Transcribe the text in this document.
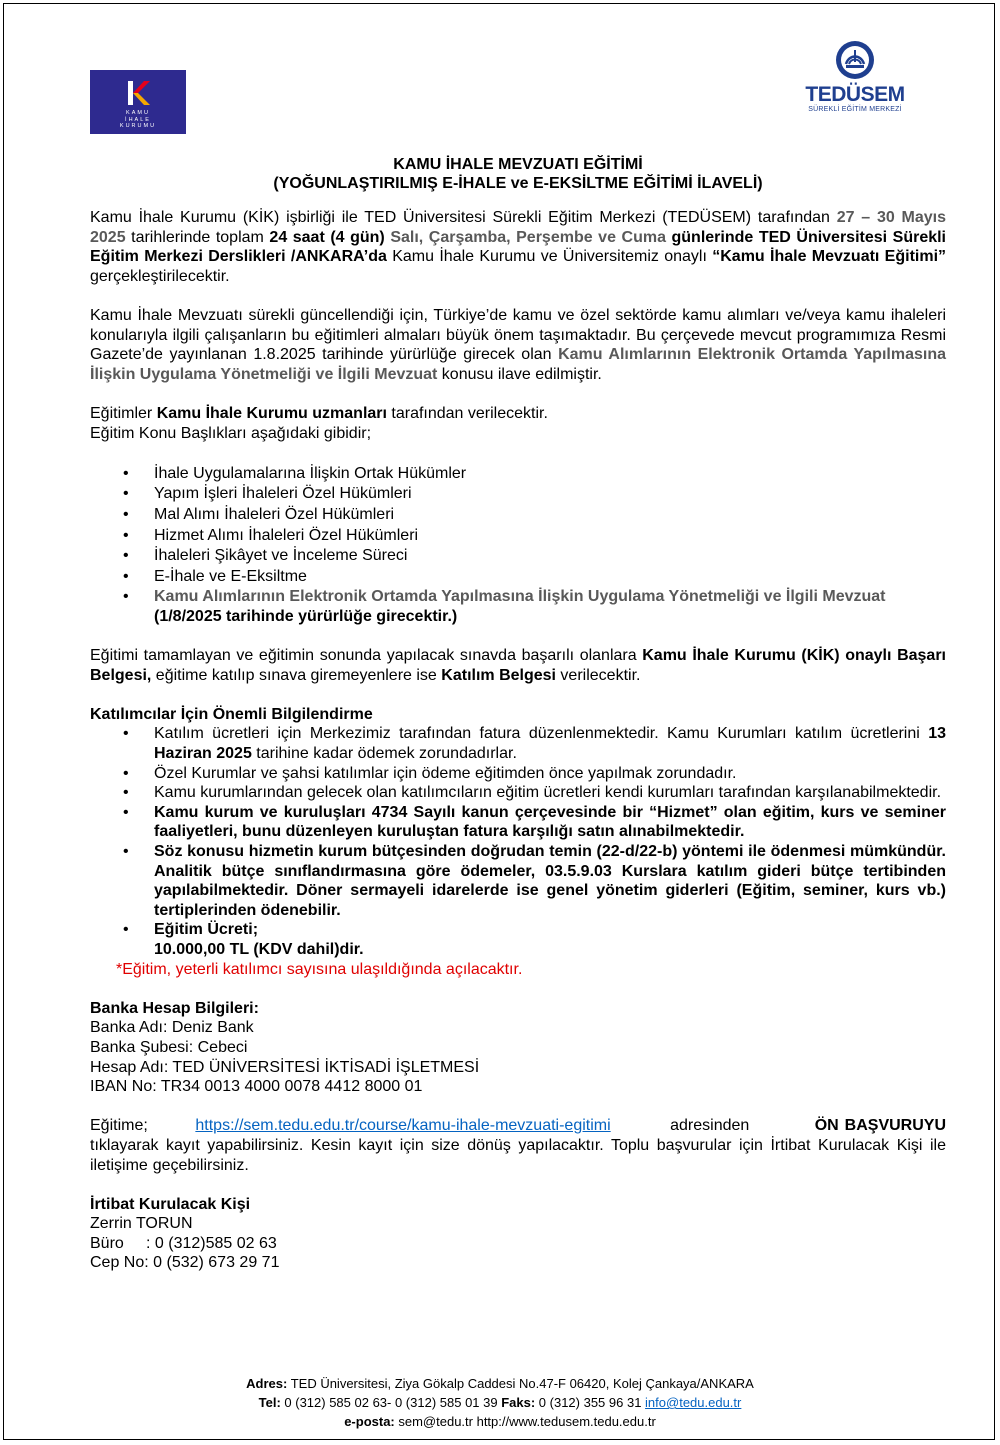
KAMU
İHALE
KURUMU
TEDÜSEM
SÜREKLİ EĞİTİM MERKEZİ
KAMU İHALE MEVZUATI EĞİTİMİ
(YOĞUNLAŞTIRILMIŞ E-İHALE ve E-EKSİLTME EĞİTİMİ İLAVELİ)

Kamu İhale Kurumu (KİK) işbirliği ile TED Üniversitesi Sürekli Eğitim Merkezi (TEDÜSEM) tarafından 27 – 30 Mayıs 2025 tarihlerinde toplam 24 saat (4 gün) Salı, Çarşamba, Perşembe ve Cuma günlerinde TED Üniversitesi Sürekli Eğitim Merkezi Derslikleri /ANKARA’da Kamu İhale Kurumu ve Üniversitemiz onaylı “Kamu İhale Mevzuatı Eğitimi” gerçekleştirilecektir.

Kamu İhale Mevzuatı sürekli güncellendiği için, Türkiye’de kamu ve özel sektörde kamu alımları ve/veya kamu ihaleleri konularıyla ilgili çalışanların bu eğitimleri almaları büyük önem taşımaktadır. Bu çerçevede mevcut programımıza Resmi Gazete’de yayınlanan 1.8.2025 tarihinde yürürlüğe girecek olan Kamu Alımlarının Elektronik Ortamda Yapılmasına İlişkin Uygulama Yönetmeliği ve İlgili Mevzuat konusu ilave edilmiştir.

Eğitimler Kamu İhale Kurumu uzmanları tarafından verilecektir.
Eğitim Konu Başlıkları aşağıdaki gibidir;

• İhale Uygulamalarına İlişkin Ortak Hükümler
• Yapım İşleri İhaleleri Özel Hükümleri
• Mal Alımı İhaleleri Özel Hükümleri
• Hizmet Alımı İhaleleri Özel Hükümleri
• İhaleleri Şikâyet ve İnceleme Süreci
• E-İhale ve E-Eksiltme
• Kamu Alımlarının Elektronik Ortamda Yapılmasına İlişkin Uygulama Yönetmeliği ve İlgili Mevzuat (1/8/2025 tarihinde yürürlüğe girecektir.)

Eğitimi tamamlayan ve eğitimin sonunda yapılacak sınavda başarılı olanlara Kamu İhale Kurumu (KİK) onaylı Başarı Belgesi, eğitime katılıp sınava giremeyenlere ise Katılım Belgesi verilecektir.

Katılımcılar İçin Önemli Bilgilendirme

• Katılım ücretleri için Merkezimiz tarafından fatura düzenlenmektedir. Kamu Kurumları katılım ücretlerini 13 Haziran 2025 tarihine kadar ödemek zorundadırlar.
• Özel Kurumlar ve şahsi katılımlar için ödeme eğitimden önce yapılmak zorundadır.
• Kamu kurumlarından gelecek olan katılımcıların eğitim ücretleri kendi kurumları tarafından karşılanabilmektedir.
• Kamu kurum ve kuruluşları 4734 Sayılı kanun çerçevesinde bir “Hizmet” olan eğitim, kurs ve seminer faaliyetleri, bunu düzenleyen kuruluştan fatura karşılığı satın alınabilmektedir.
• Söz konusu hizmetin kurum bütçesinden doğrudan temin (22-d/22-b) yöntemi ile ödenmesi mümkündür. Analitik bütçe sınıflandırmasına göre ödemeler, 03.5.9.03 Kurslara katılım gideri bütçe tertibinden yapılabilmektedir. Döner sermayeli idarelerde ise genel yönetim giderleri (Eğitim, seminer, kurs vb.) tertiplerinden ödenebilir.
• Eğitim Ücreti;
10.000,00 TL (KDV dahil)dir.

*Eğitim, yeterli katılımcı sayısına ulaşıldığında açılacaktır.

Banka Hesap Bilgileri:
Banka Adı: Deniz Bank
Banka Şubesi: Cebeci
Hesap Adı: TED ÜNİVERSİTESİ İKTİSADİ İŞLETMESİ
IBAN No: TR34 0013 4000 0078 4412 8000 01

Eğitime;	https://sem.tedu.edu.tr/course/kamu-ihale-mevzuati-egitimi	adresinden	ÖN BAŞVURUYU tıklayarak kayıt yapabilirsiniz. Kesin kayıt için size dönüş yapılacaktır. Toplu başvurular için İrtibat Kurulacak Kişi ile iletişime geçebilirsiniz.

İrtibat Kurulacak Kişi
Zerrin TORUN
Büro : 0 (312)585 02 63
Cep No: 0 (532) 673 29 71

Adres: TED Üniversitesi, Ziya Gökalp Caddesi No.47-F 06420, Kolej Çankaya/ANKARA
Tel: 0 (312) 585 02 63- 0 (312) 585 01 39 Faks: 0 (312) 355 96 31 info@tedu.edu.tr
e-posta: sem@tedu.tr http://www.tedusem.tedu.edu.tr
